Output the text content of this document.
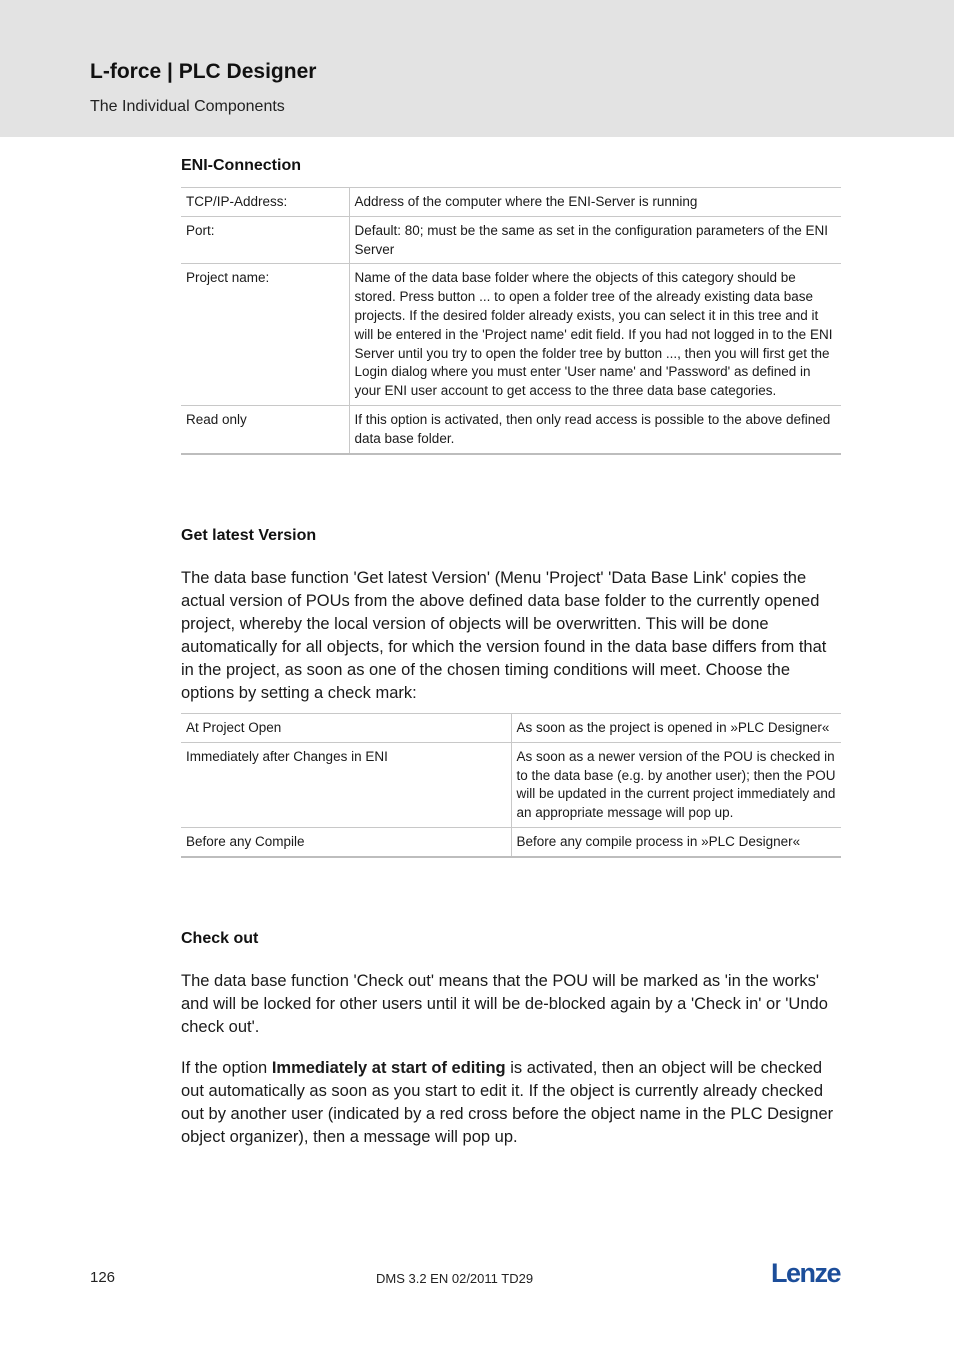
L-force | PLC Designer
The Individual Components
ENI-Connection
TCP/IP-Address:	Address of the computer where the ENI-Server is running
Port:	Default: 80; must be the same as set in the configuration parameters of the ENI Server
Project name:	Name of the data base folder where the objects of this category should be stored. Press button ... to open a folder tree of the already existing data base projects. If the desired folder already exists, you can select it in this tree and it will be entered in the 'Project name' edit field. If you had not logged in to the ENI Server until you try to open the folder tree by button ..., then you will first get the Login dialog where you must enter 'User name' and 'Password' as defined in your ENI user account to get access to the three data base categories.
Read only	If this option is activated, then only read access is possible to the above defined data base folder.
Get latest Version

The data base function 'Get latest Version' (Menu 'Project' 'Data Base Link' copies the actual version of POUs from the above defined data base folder to the currently opened project, whereby the local version of objects will be overwritten. This will be done automatically for all objects, for which the version found in the data base differs from that in the project, as soon as one of the chosen timing conditions will meet. Choose the options by setting a check mark:

At Project Open	As soon as the project is opened in »PLC Designer«
Immediately after Changes in ENI	As soon as a newer version of the POU is checked in to the data base (e.g. by another user); then the POU will be updated in the current project immediately and an appropriate message will pop up.
Before any Compile	Before any compile process in »PLC Designer«
Check out

The data base function 'Check out' means that the POU will be marked as 'in the works' and will be locked for other users until it will be de-blocked again by a 'Check in' or 'Undo check out'.

If the option Immediately at start of editing is activated, then an object will be checked out automatically as soon as you start to edit it. If the object is currently already checked out by another user (indicated by a red cross before the object name in the PLC Designer object organizer), then a message will pop up.

126	DMS 3.2 EN 02/2011 TD29	Lenze
